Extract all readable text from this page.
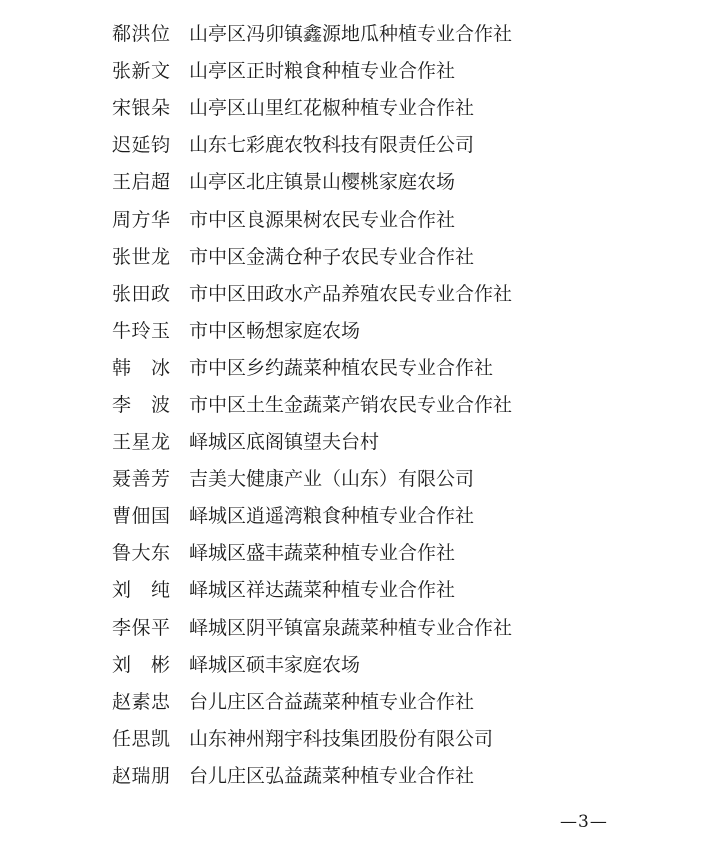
郗洪位 山亭区冯卯镇鑫源地瓜种植专业合作社
张新文 山亭区正时粮食种植专业合作社
宋银朵 山亭区山里红花椒种植专业合作社
迟延钧 山东七彩鹿农牧科技有限责任公司
王启超 山亭区北庄镇景山樱桃家庭农场
周方华 市中区良源果树农民专业合作社
张世龙 市中区金满仓种子农民专业合作社
张田政 市中区田政水产品养殖农民专业合作社
牛玲玉 市中区畅想家庭农场
韩冰 市中区乡约蔬菜种植农民专业合作社
李波 市中区土生金蔬菜产销农民专业合作社
王星龙 峄城区底阁镇望夫台村
聂善芳 吉美大健康产业（山东）有限公司
曹佃国 峄城区逍遥湾粮食种植专业合作社
鲁大东 峄城区盛丰蔬菜种植专业合作社
刘纯 峄城区祥达蔬菜种植专业合作社
李保平 峄城区阴平镇富泉蔬菜种植专业合作社
刘彬 峄城区硕丰家庭农场
赵素忠 台儿庄区合益蔬菜种植专业合作社
任思凯 山东神州翔宇科技集团股份有限公司
赵瑞朋 台儿庄区弘益蔬菜种植专业合作社
—3—
